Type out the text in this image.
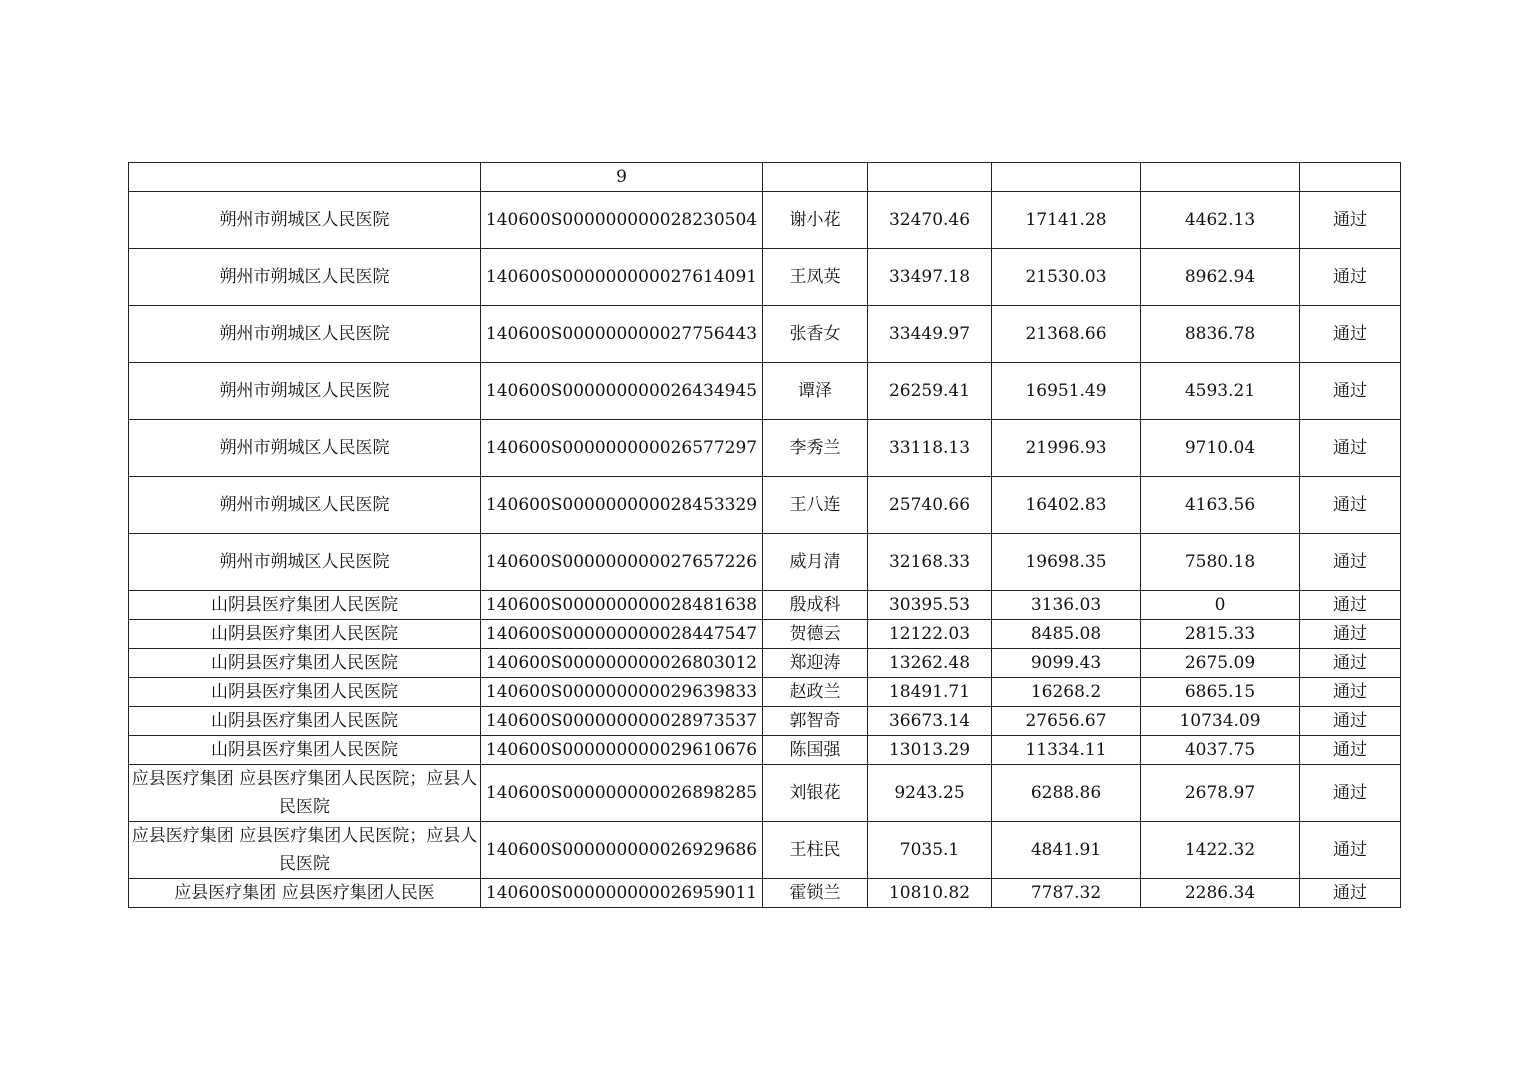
	9					
朔州市朔城区人民医院	140600S000000000028230504	谢小花	32470.46	17141.28	4462.13	通过
朔州市朔城区人民医院	140600S000000000027614091	王凤英	33497.18	21530.03	8962.94	通过
朔州市朔城区人民医院	140600S000000000027756443	张香女	33449.97	21368.66	8836.78	通过
朔州市朔城区人民医院	140600S000000000026434945	谭泽	26259.41	16951.49	4593.21	通过
朔州市朔城区人民医院	140600S000000000026577297	李秀兰	33118.13	21996.93	9710.04	通过
朔州市朔城区人民医院	140600S000000000028453329	王八连	25740.66	16402.83	4163.56	通过
朔州市朔城区人民医院	140600S000000000027657226	威月清	32168.33	19698.35	7580.18	通过
山阴县医疗集团人民医院	140600S000000000028481638	殷成科	30395.53	3136.03	0	通过
山阴县医疗集团人民医院	140600S000000000028447547	贺德云	12122.03	8485.08	2815.33	通过
山阴县医疗集团人民医院	140600S000000000026803012	郑迎涛	13262.48	9099.43	2675.09	通过
山阴县医疗集团人民医院	140600S000000000029639833	赵政兰	18491.71	16268.2	6865.15	通过
山阴县医疗集团人民医院	140600S000000000028973537	郭智奇	36673.14	27656.67	10734.09	通过
山阴县医疗集团人民医院	140600S000000000029610676	陈国强	13013.29	11334.11	4037.75	通过
应县医疗集团 应县医疗集团人民医院；应县人民医院	140600S000000000026898285	刘银花	9243.25	6288.86	2678.97	通过
应县医疗集团 应县医疗集团人民医院；应县人民医院	140600S000000000026929686	王柱民	7035.1	4841.91	1422.32	通过
应县医疗集团 应县医疗集团人民医	140600S000000000026959011	霍锁兰	10810.82	7787.32	2286.34	通过
